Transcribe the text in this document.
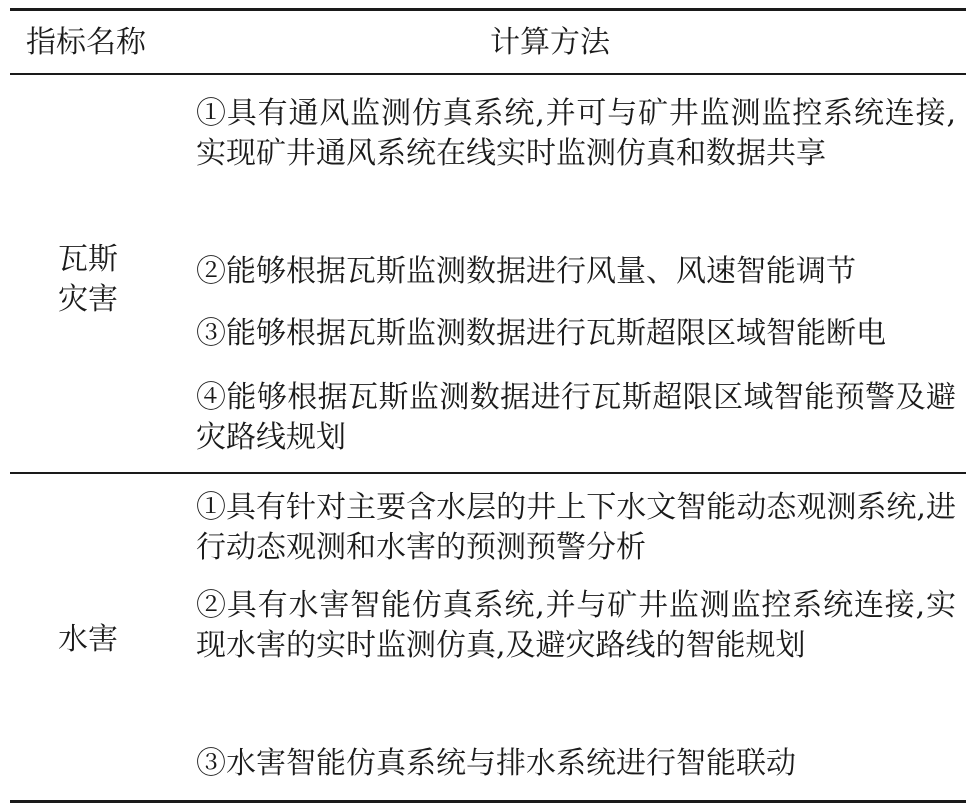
指标名称	计算方法
瓦斯
灾害
①具有通风监测仿真系统,并可与矿井监测监控系统连接,实现矿井通风系统在线实时监测仿真和数据共享
②能够根据瓦斯监测数据进行风量、风速智能调节
③能够根据瓦斯监测数据进行瓦斯超限区域智能断电
④能够根据瓦斯监测数据进行瓦斯超限区域智能预警及避灾路线规划
水害
①具有针对主要含水层的井上下水文智能动态观测系统,进行动态观测和水害的预测预警分析
②具有水害智能仿真系统,并与矿井监测监控系统连接,实现水害的实时监测仿真,及避灾路线的智能规划
③水害智能仿真系统与排水系统进行智能联动
